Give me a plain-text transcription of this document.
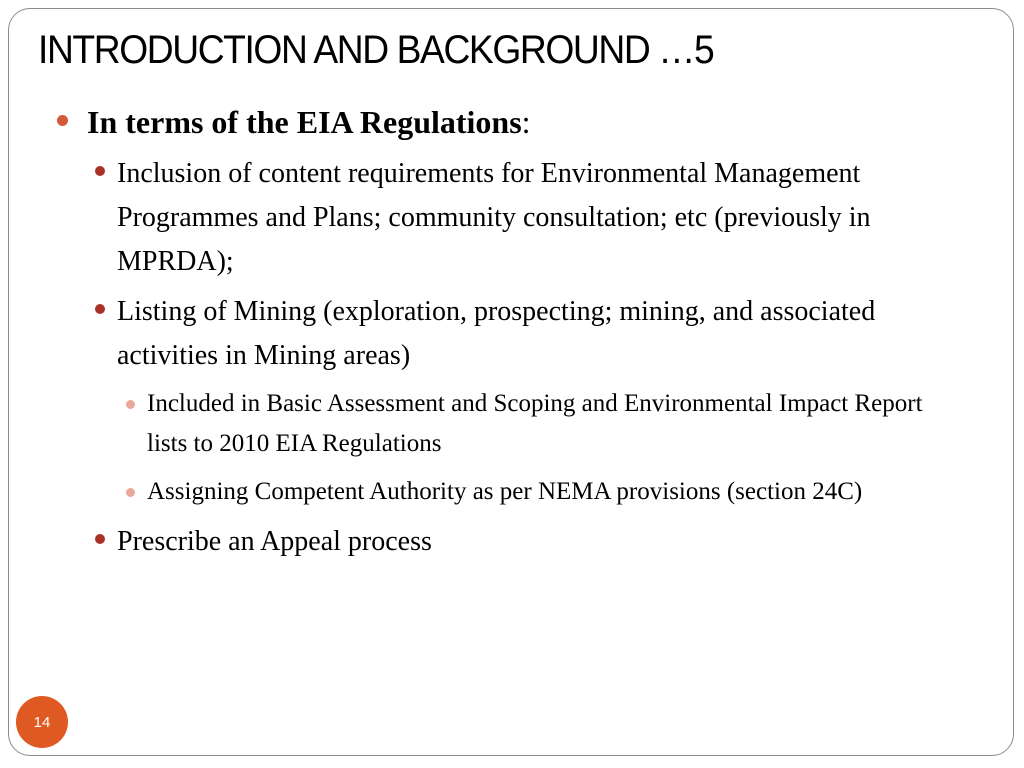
INTRODUCTION AND BACKGROUND …5
In terms of the EIA Regulations:
Inclusion of content requirements for Environmental Management Programmes and Plans; community consultation; etc (previously in MPRDA);
Listing of Mining (exploration, prospecting; mining, and associated activities in Mining areas)
Included in Basic Assessment and Scoping and Environmental Impact Report lists to 2010 EIA Regulations
Assigning Competent Authority as per NEMA provisions (section 24C)
Prescribe an Appeal process
14
